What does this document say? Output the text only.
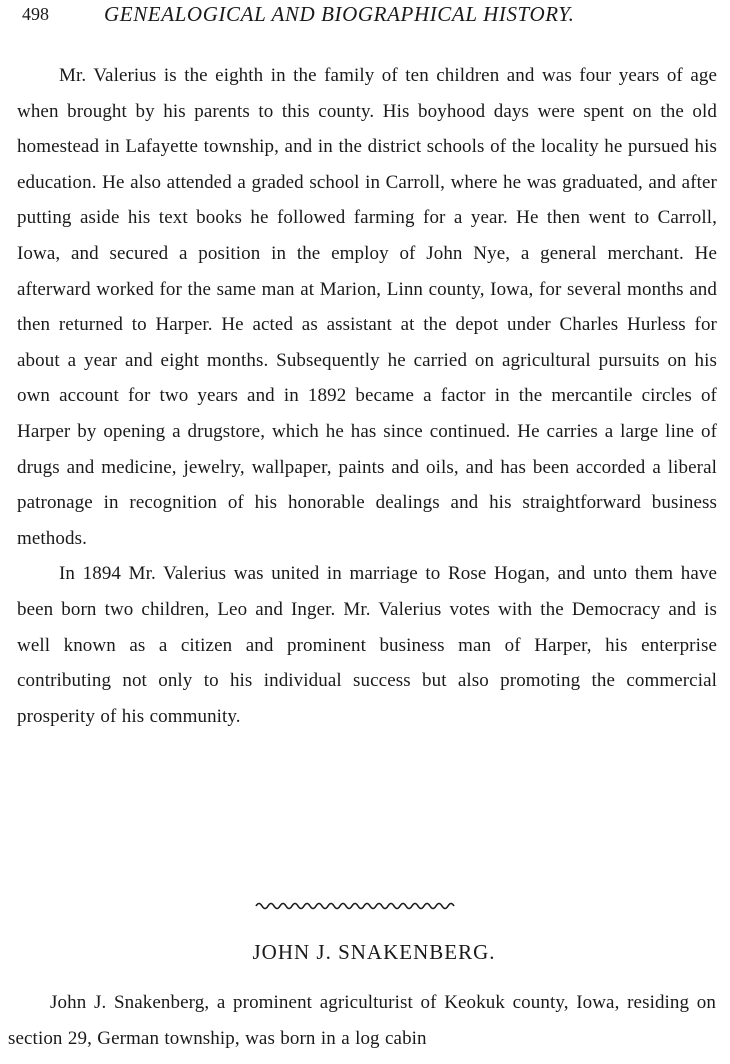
498	GENEALOGICAL AND BIOGRAPHICAL HISTORY.

Mr. Valerius is the eighth in the family of ten children and was four years of age when brought by his parents to this county. His boyhood days were spent on the old homestead in Lafayette township, and in the district schools of the locality he pursued his education. He also attended a graded school in Carroll, where he was graduated, and after putting aside his text books he followed farming for a year. He then went to Carroll, Iowa, and secured a position in the employ of John Nye, a general merchant. He afterward worked for the same man at Marion, Linn county, Iowa, for several months and then returned to Harper. He acted as assistant at the depot under Charles Hurless for about a year and eight months. Subsequently he carried on agricultural pursuits on his own account for two years and in 1892 became a factor in the mercantile circles of Harper by opening a drugstore, which he has since continued. He carries a large line of drugs and medicine, jewelry, wallpaper, paints and oils, and has been accorded a liberal patronage in recognition of his honorable dealings and his straightforward business methods.

In 1894 Mr. Valerius was united in marriage to Rose Hogan, and unto them have been born two children, Leo and Inger. Mr. Valerius votes with the Democracy and is well known as a citizen and prominent business man of Harper, his enterprise contributing not only to his individual success but also promoting the commercial prosperity of his community.

JOHN J. SNAKENBERG.

John J. Snakenberg, a prominent agriculturist of Keokuk county, Iowa, residing on section 29, German township, was born in a log cabin
